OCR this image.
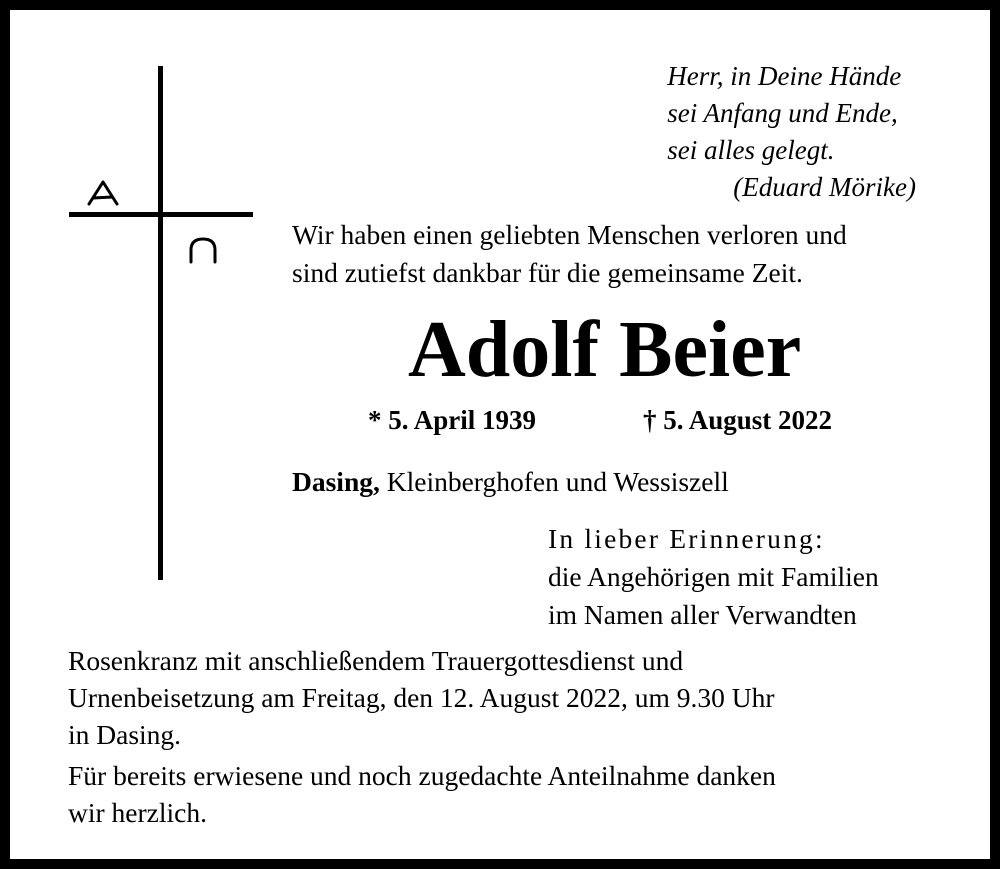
Herr, in Deine Hände
sei Anfang und Ende,
sei alles gelegt.
(Eduard Mörike)
Wir haben einen geliebten Menschen verloren und
sind zutiefst dankbar für die gemeinsame Zeit.
Adolf Beier
* 5. April 1939	† 5. August 2022
Dasing, Kleinberghofen und Wessiszell
In lieber Erinnerung:
die Angehörigen mit Familien
im Namen aller Verwandten
Rosenkranz mit anschließendem Trauergottesdienst und
Urnenbeisetzung am Freitag, den 12. August 2022, um 9.30 Uhr
in Dasing.
Für bereits erwiesene und noch zugedachte Anteilnahme danken
wir herzlich.
